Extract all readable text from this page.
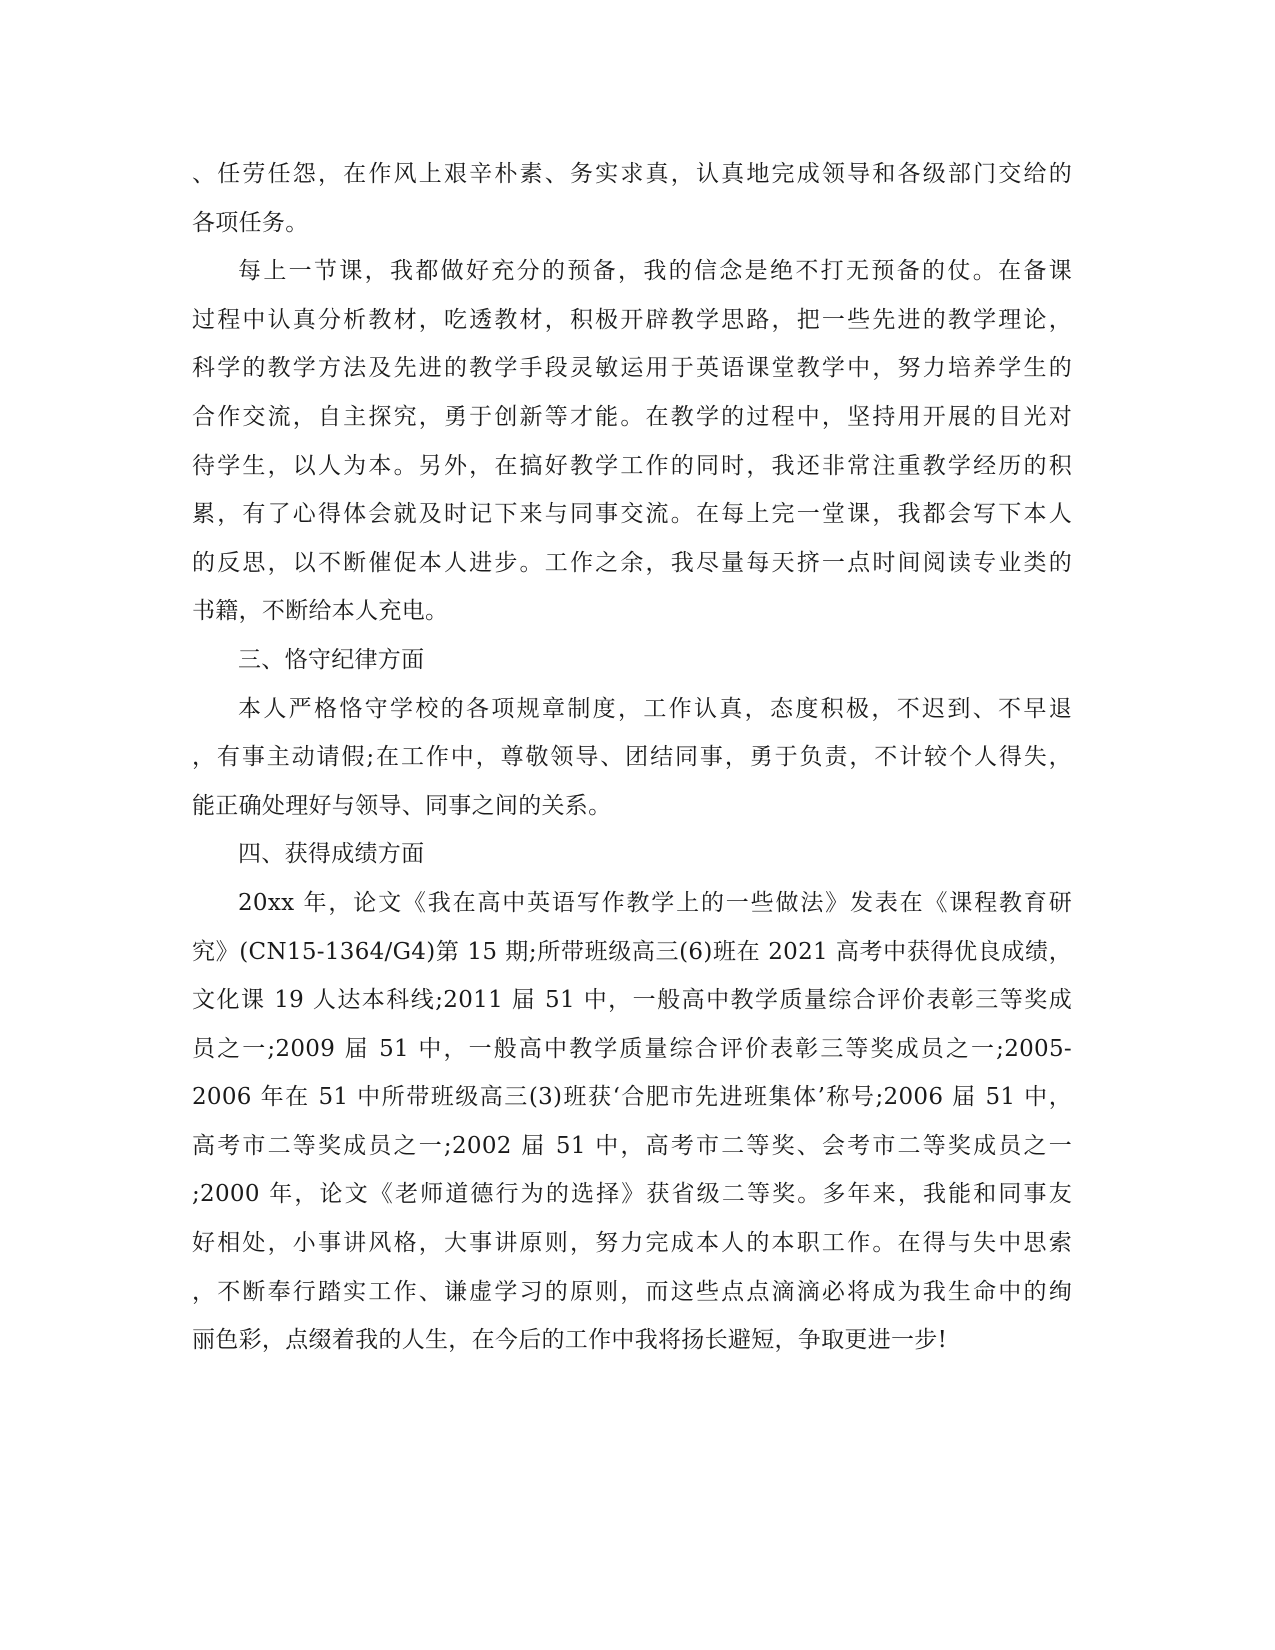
、任劳任怨，在作风上艰辛朴素、务实求真，认真地完成领导和各级部门交给的
各项任务。
每上一节课，我都做好充分的预备，我的信念是绝不打无预备的仗。在备课
过程中认真分析教材，吃透教材，积极开辟教学思路，把一些先进的教学理论，
科学的教学方法及先进的教学手段灵敏运用于英语课堂教学中，努力培养学生的
合作交流，自主探究，勇于创新等才能。在教学的过程中，坚持用开展的目光对
待学生，以人为本。另外，在搞好教学工作的同时，我还非常注重教学经历的积
累，有了心得体会就及时记下来与同事交流。在每上完一堂课，我都会写下本人
的反思，以不断催促本人进步。工作之余，我尽量每天挤一点时间阅读专业类的
书籍，不断给本人充电。
三、恪守纪律方面
本人严格恪守学校的各项规章制度，工作认真，态度积极，不迟到、不早退
，有事主动请假;在工作中，尊敬领导、团结同事，勇于负责，不计较个人得失，
能正确处理好与领导、同事之间的关系。
四、获得成绩方面
20xx 年，论文《我在高中英语写作教学上的一些做法》发表在《课程教育研
究》(CN15-1364/G4)第 15 期;所带班级高三(6)班在 2021 高考中获得优良成绩，
文化课 19 人达本科线;2011 届 51 中，一般高中教学质量综合评价表彰三等奖成
员之一;2009 届 51 中，一般高中教学质量综合评价表彰三等奖成员之一;2005-
2006 年在 51 中所带班级高三(3)班获‘合肥市先进班集体’称号;2006 届 51 中，
高考市二等奖成员之一;2002 届 51 中，高考市二等奖、会考市二等奖成员之一
;2000 年，论文《老师道德行为的选择》获省级二等奖。多年来，我能和同事友
好相处，小事讲风格，大事讲原则，努力完成本人的本职工作。在得与失中思索
，不断奉行踏实工作、谦虚学习的原则，而这些点点滴滴必将成为我生命中的绚
丽色彩，点缀着我的人生，在今后的工作中我将扬长避短，争取更进一步!
